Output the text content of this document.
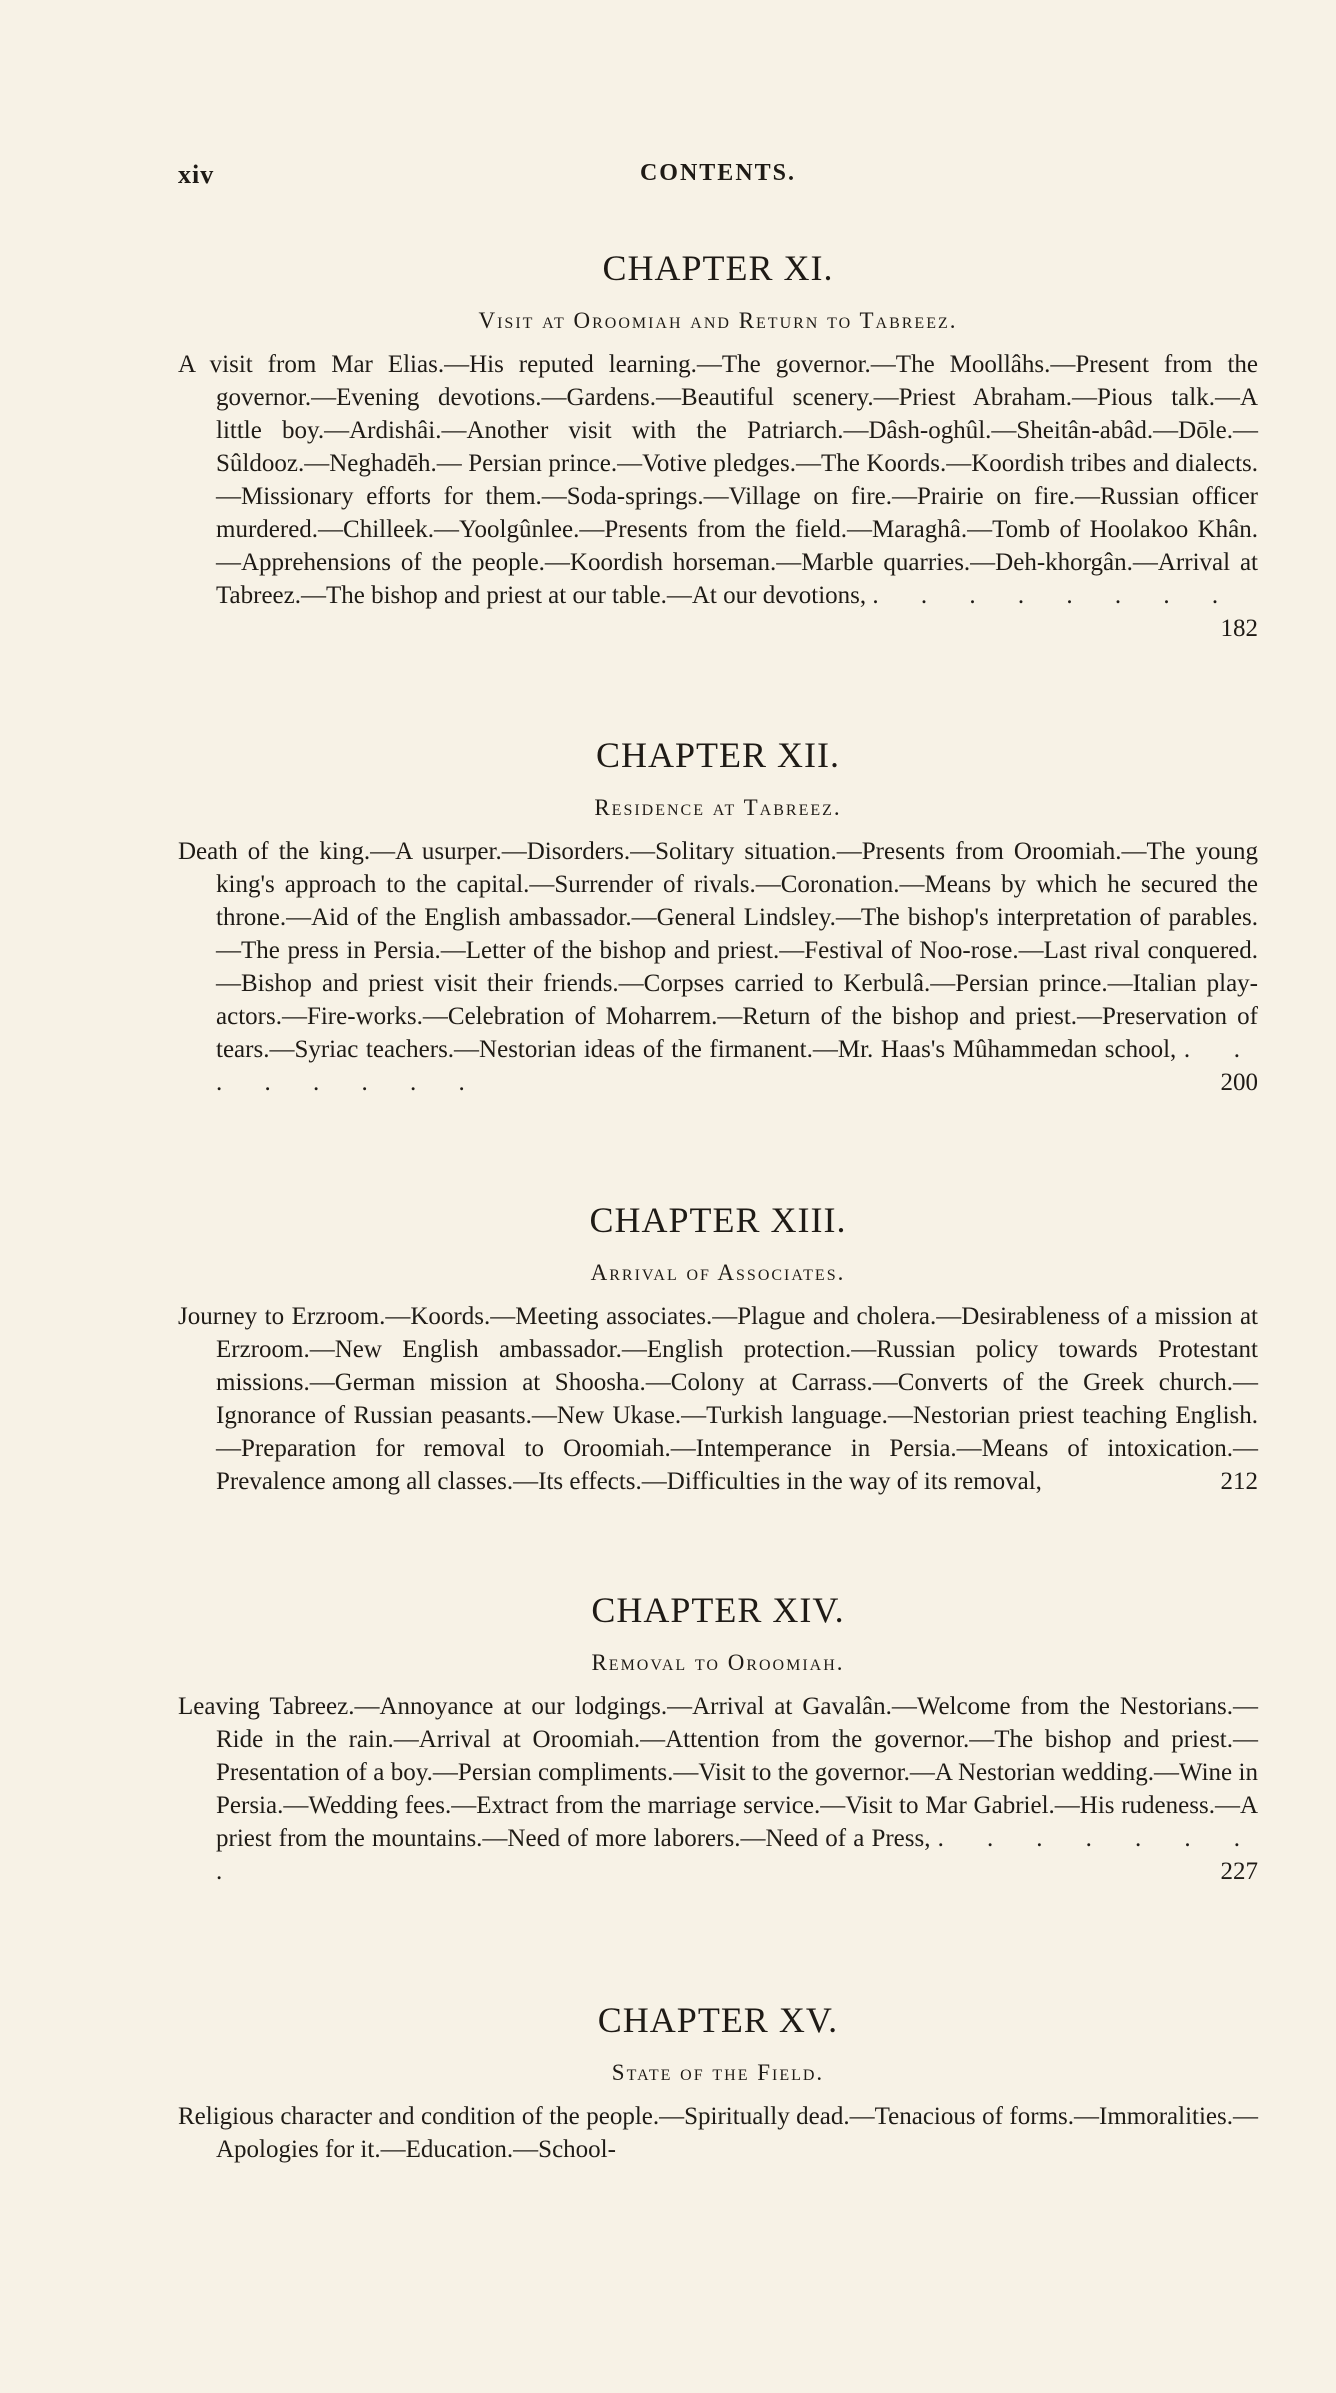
xiv	CONTENTS.
CHAPTER XI.
Visit at Oroomiah and Return to Tabreez.

A visit from Mar Elias.—His reputed learning.—The governor.—The Moollâhs.—Present from the governor.—Evening devotions.—Gardens.—Beautiful scenery.—Priest Abraham.—Pious talk.—A little boy.—Ardishâi.—Another visit with the Patriarch.—Dâsh-oghûl.—Sheitân-abâd.—Dōle.—Sûldooz.—Neghadēh.— Persian prince.—Votive pledges.—The Koords.—Koordish tribes and dialects.—Missionary efforts for them.—Soda-springs.—Village on fire.—Prairie on fire.—Russian officer murdered.—Chilleek.—Yoolgûnlee.—Presents from the field.—Maraghâ.—Tomb of Hoolakoo Khân.—Apprehensions of the people.—Koordish horseman.—Marble quarries.—Deh-khorgân.—Arrival at Tabreez.—The bishop and priest at our table.—At our devotions, . . . . . . . .
182

CHAPTER XII.
Residence at Tabreez.

Death of the king.—A usurper.—Disorders.—Solitary situation.—Presents from Oroomiah.—The young king's approach to the capital.—Surrender of rivals.—Coronation.—Means by which he secured the throne.—Aid of the English ambassador.—General Lindsley.—The bishop's interpretation of parables.—The press in Persia.—Letter of the bishop and priest.—Festival of Noo-rose.—Last rival conquered.—Bishop and priest visit their friends.—Corpses carried to Kerbulâ.—Persian prince.—Italian play-actors.—Fire-works.—Celebration of Moharrem.—Return of the bishop and priest.—Preservation of tears.—Syriac teachers.—Nestorian ideas of the firmanent.—Mr. Haas's Mûhammedan school, . . . . . . . .	200

CHAPTER XIII.
Arrival of Associates.

Journey to Erzroom.—Koords.—Meeting associates.—Plague and cholera.—Desirableness of a mission at Erzroom.—New English ambassador.—English protection.—Russian policy towards Protestant missions.—German mission at Shoosha.—Colony at Carrass.—Converts of the Greek church.—Ignorance of Russian peasants.—New Ukase.—Turkish language.—Nestorian priest teaching English.—Preparation for removal to Oroomiah.—Intemperance in Persia.—Means of intoxication.—Prevalence among all classes.—Its effects.—Difficulties in the way of its removal,	212

CHAPTER XIV.
Removal to Oroomiah.

Leaving Tabreez.—Annoyance at our lodgings.—Arrival at Gavalân.—Welcome from the Nestorians.—Ride in the rain.—Arrival at Oroomiah.—Attention from the governor.—The bishop and priest.—Presentation of a boy.—Persian compliments.—Visit to the governor.—A Nestorian wedding.—Wine in Persia.—Wedding fees.—Extract from the marriage service.—Visit to Mar Gabriel.—His rudeness.—A priest from the mountains.—Need of more laborers.—Need of a Press, . . . . . . . .	227

CHAPTER XV.
State of the Field.

Religious character and condition of the people.—Spiritually dead.—Tenacious of forms.—Immoralities.—Apologies for it.—Education.—School-
